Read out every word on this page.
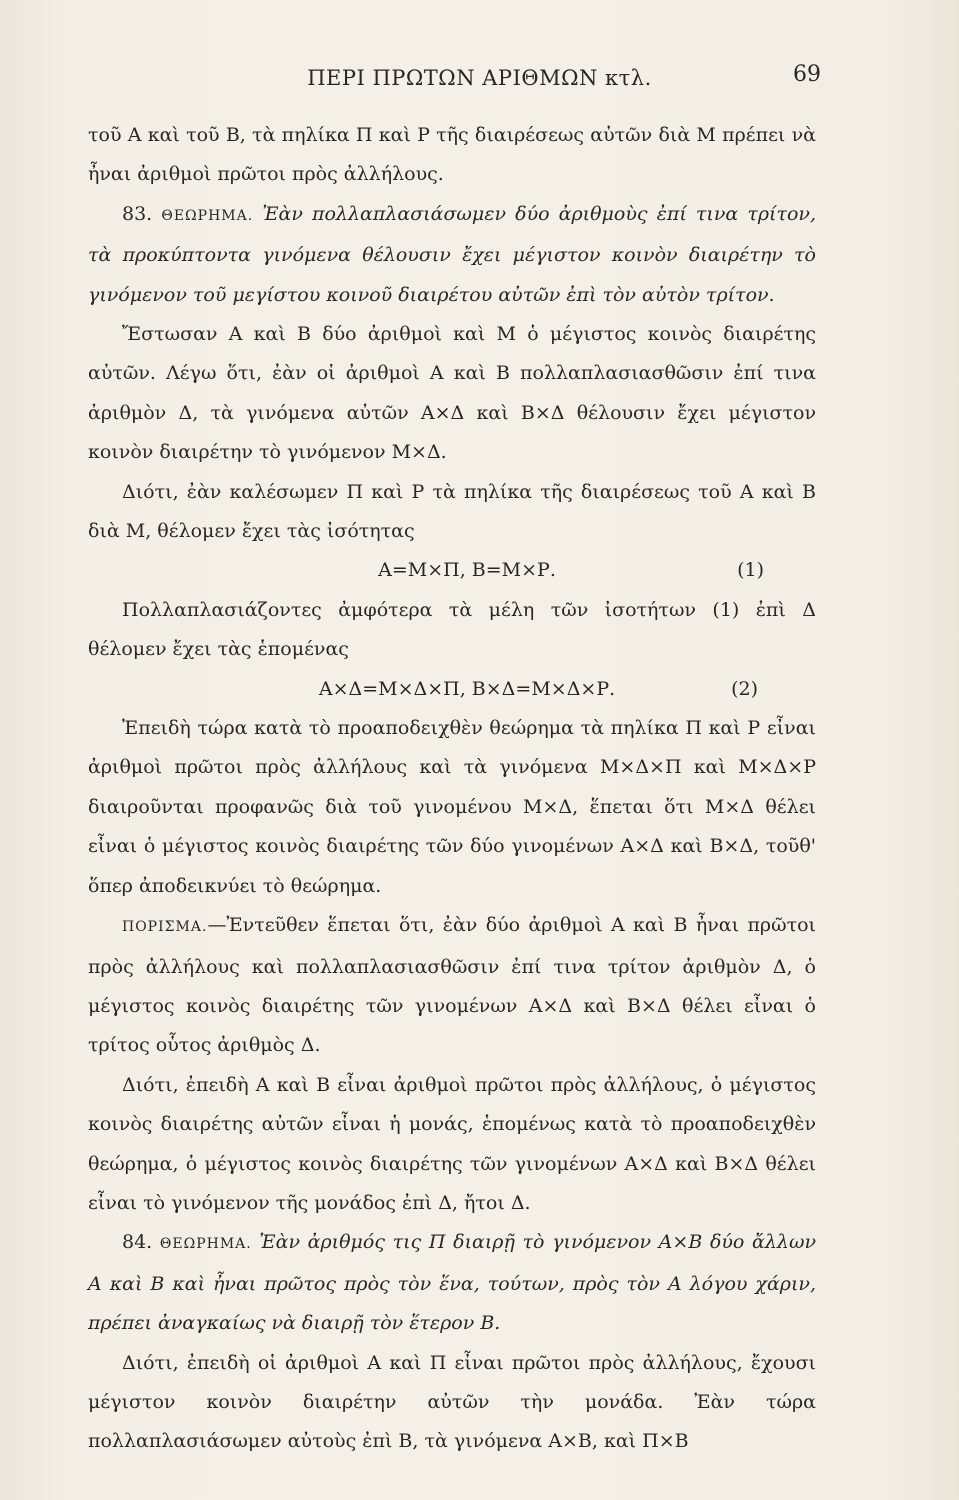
ΠΕΡΙ ΠΡΩΤΩΝ ΑΡΙΘΜΩΝ κτλ.	69

τοῦ Α καὶ τοῦ Β, τὰ πηλίκα Π καὶ Ρ τῆς διαιρέσεως αὐτῶν διὰ Μ πρέπει νὰ ἦναι ἀριθμοὶ πρῶτοι πρὸς ἀλλήλους.

83. ΘΕΩΡΗΜΑ. Ἐὰν πολλαπλασιάσωμεν δύο ἀριθμοὺς ἐπί τινα τρίτον, τὰ προκύπτοντα γινόμενα θέλουσιν ἔχει μέγιστον κοινὸν διαιρέτην τὸ γινόμενον τοῦ μεγίστου κοινοῦ διαιρέτου αὐτῶν ἐπὶ τὸν αὐτὸν τρίτον.

Ἔστωσαν Α καὶ Β δύο ἀριθμοὶ καὶ Μ ὁ μέγιστος κοινὸς διαιρέτης αὐτῶν. Λέγω ὅτι, ἐὰν οἱ ἀριθμοὶ Α καὶ Β πολλαπλασιασθῶσιν ἐπί τινα ἀριθμὸν Δ, τὰ γινόμενα αὐτῶν Α×Δ καὶ Β×Δ θέλουσιν ἔχει μέγιστον κοινὸν διαιρέτην τὸ γινόμενον Μ×Δ.

Διότι, ἐὰν καλέσωμεν Π καὶ Ρ τὰ πηλίκα τῆς διαιρέσεως τοῦ Α καὶ Β διὰ Μ, θέλομεν ἔχει τὰς ἰσότητας

Α=Μ×Π, Β=Μ×Ρ.	(1)

Πολλαπλασιάζοντες ἀμφότερα τὰ μέλη τῶν ἰσοτήτων (1) ἐπὶ Δ θέλομεν ἔχει τὰς ἑπομένας

Α×Δ=Μ×Δ×Π, Β×Δ=Μ×Δ×Ρ.	(2)

Ἐπειδὴ τώρα κατὰ τὸ προαποδειχθὲν θεώρημα τὰ πηλίκα Π καὶ Ρ εἶναι ἀριθμοὶ πρῶτοι πρὸς ἀλλήλους καὶ τὰ γινόμενα Μ×Δ×Π καὶ Μ×Δ×Ρ διαιροῦνται προφανῶς διὰ τοῦ γινομένου Μ×Δ, ἕπεται ὅτι Μ×Δ θέλει εἶναι ὁ μέγιστος κοινὸς διαιρέτης τῶν δύο γινομένων Α×Δ καὶ Β×Δ, τοῦθ' ὅπερ ἀποδεικνύει τὸ θεώρημα.

ΠΟΡΙΣΜΑ.—Ἐντεῦθεν ἕπεται ὅτι, ἐὰν δύο ἀριθμοὶ Α καὶ Β ἦναι πρῶτοι πρὸς ἀλλήλους καὶ πολλαπλασιασθῶσιν ἐπί τινα τρίτον ἀριθμὸν Δ, ὁ μέγιστος κοινὸς διαιρέτης τῶν γινομένων Α×Δ καὶ Β×Δ θέλει εἶναι ὁ τρίτος οὗτος ἀριθμὸς Δ.

Διότι, ἐπειδὴ Α καὶ Β εἶναι ἀριθμοὶ πρῶτοι πρὸς ἀλλήλους, ὁ μέγιστος κοινὸς διαιρέτης αὐτῶν εἶναι ἡ μονάς, ἑπομένως κατὰ τὸ προαποδειχθὲν θεώρημα, ὁ μέγιστος κοινὸς διαιρέτης τῶν γινομένων Α×Δ καὶ Β×Δ θέλει εἶναι τὸ γινόμενον τῆς μονάδος ἐπὶ Δ, ἤτοι Δ.

84. ΘΕΩΡΗΜΑ. Ἐὰν ἀριθμός τις Π διαιρῇ τὸ γινόμενον Α×Β δύο ἄλλων Α καὶ Β καὶ ἦναι πρῶτος πρὸς τὸν ἕνα, τούτων, πρὸς τὸν Α λόγου χάριν, πρέπει ἀναγκαίως νὰ διαιρῇ τὸν ἕτερον Β.

Διότι, ἐπειδὴ οἱ ἀριθμοὶ Α καὶ Π εἶναι πρῶτοι πρὸς ἀλλήλους, ἔχουσι μέγιστον κοινὸν διαιρέτην αὐτῶν τὴν μονάδα. Ἐὰν τώρα πολλαπλασιάσωμεν αὐτοὺς ἐπὶ Β, τὰ γινόμενα Α×Β, καὶ Π×Β
